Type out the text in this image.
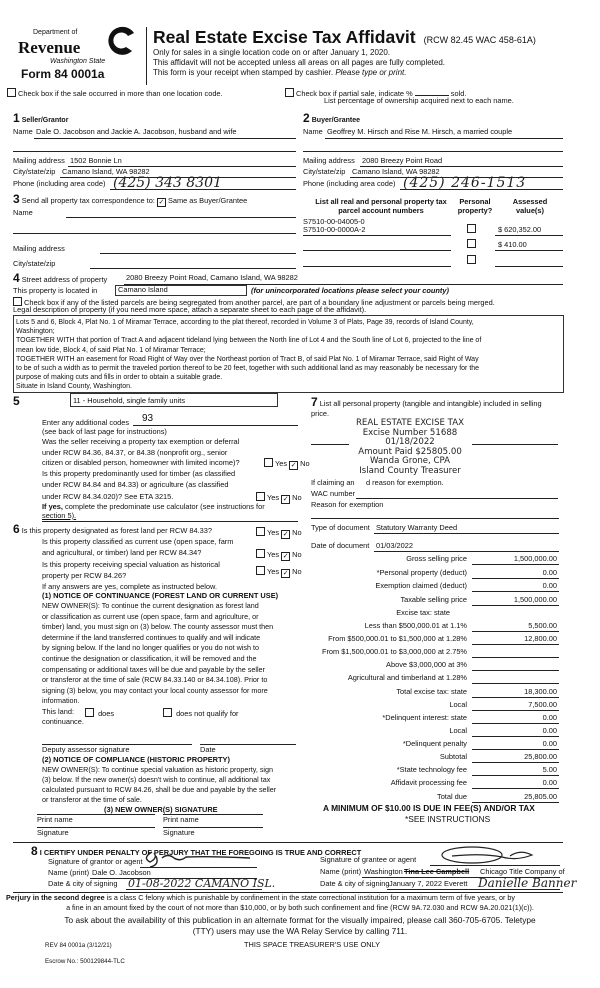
Department of
Revenue
Washington State
Form 84 0001a
Real Estate Excise Tax Affidavit (RCW 82.45 WAC 458-61A)
Only for sales in a single location code on or after January 1, 2020.
This affidavit will not be accepted unless all areas on all pages are fully completed.
This form is your receipt when stamped by cashier. Please type or print.
Check box if the sale occurred in more than one location code.	Check box if partial sale, indicate %	sold.
List percentage of ownership acquired next to each name.
1 Seller/Grantor
Name Dale O. Jacobson and Jackie A. Jacobson, husband and wife
Mailing address 1502 Bonnie Ln
City/state/zip Camano Island, WA 98282
Phone (including area code) (425) 343 8301
3 Send all property tax correspondence to: ✓ Same as Buyer/Grantee
Name
Mailing address
City/state/zip
2 Buyer/Grantee
Name Geoffrey M. Hirsch and Rise M. Hirsch, a married couple
Mailing address 2080 Breezy Point Road
City/state/zip Camano Island, WA 98282
Phone (including area code) (425) 246-1513
List all real and personal property tax
parcel account numbers
Personal
property?
Assessed
value(s)
S7510-00-04005-0
S7510-00-0000A-2	$ 620,352.00
$ 410.00
4 Street address of property	2080 Breezy Point Road, Camano Island, WA 98282
This property is located in	Camano Island	(for unincorporated locations please select your county)
Check box if any of the listed parcels are being segregated from another parcel, are part of a boundary line adjustment or parcels being merged.
Legal description of property (if you need more space, attach a separate sheet to each page of the affidavit).
Lots 5 and 6, Block 4, Plat No. 1 of Miramar Terrace, according to the plat thereof, recorded in Volume 3 of Plats, Page 39, records of Island County,
Washington;
TOGETHER WITH that portion of Tract A and adjacent tideland lying between the North line of Lot 4 and the South line of Lot 6, projected to the line of
mean low tide, Block 4, of said Plat No. 1 of Miramar Terrace;
TOGETHER WITH an easement for Road Right of Way over the Northeast portion of Tract B, of said Plat No. 1 of Miramar Terrace, said Right of Way
to be of such a width as to permit the traveled portion thereof to be 20 feet, together with such additional land as may reasonably be necessary for the
purpose of making cuts and fills in order to obtain a suitable grade.
Situate in Island County, Washington.
5	11 - Household, single family units
Enter any additional codes 93
(see back of last page for instructions)
Was the seller receiving a property tax exemption or deferral
under RCW 84.36, 84.37, or 84.38 (nonprofit org., senior
citizen or disabled person, homeowner with limited income)?	Yes ✓ No
Is this property predominantly used for timber (as classified
under RCW 84.84 and 84.33) or agriculture (as classified
under RCW 84.34.020)? See ETA 3215.	Yes ✓ No
If yes, complete the predominate use calculator (see instructions for
section 5).
6 Is this property designated as forest land per RCW 84.33?	Yes ✓ No
Is this property classified as current use (open space, farm
and agricultural, or timber) land per RCW 84.34?	Yes ✓ No
Is this property receiving special valuation as historical
property per RCW 84.26?	Yes ✓ No
If any answers are yes, complete as instructed below.
(1) NOTICE OF CONTINUANCE (FOREST LAND OR CURRENT USE)
NEW OWNER(S): To continue the current designation as forest land
or classification as current use (open space, farm and agriculture, or
timber) land, you must sign on (3) below. The county assessor must then
determine if the land transferred continues to qualify and will indicate
by signing below. If the land no longer qualifies or you do not wish to
continue the designation or classification, it will be removed and the
compensating or additional taxes will be due and payable by the seller
or transferor at the time of sale (RCW 84.33.140 or 84.34.108). Prior to
signing (3) below, you may contact your local county assessor for more
information.
This land:	does	does not qualify for
continuance.
Deputy assessor signature	Date
(2) NOTICE OF COMPLIANCE (HISTORIC PROPERTY)
NEW OWNER(S): To continue special valuation as historic property, sign
(3) below. If the new owner(s) doesn't wish to continue, all additional tax
calculated pursuant to RCW 84.26, shall be due and payable by the seller
or transferor at the time of sale.
(3) NEW OWNER(S) SIGNATURE
Signature	Signature
7 List all personal property (tangible and intangible) included in selling
price.
REAL ESTATE EXCISE TAX
Excise Number 51688
01/18/2022
Amount Paid $25805.00
Wanda Grone, CPA
Island County Treasurer
If claiming an d reason for exemption.
WAC number
Reason for exemption
Type of document Statutory Warranty Deed
Date of document 01/03/2022
Gross selling price	1,500,000.00
*Personal property (deduct)	0.00
Exemption claimed (deduct)	0.00
Taxable selling price	1,500,000.00
Excise tax: state
Less than $500,000.01 at 1.1%	5,500.00
From $500,000.01 to $1,500,000 at 1.28%	12,800.00
From $1,500,000.01 to $3,000,000 at 2.75%
Above $3,000,000 at 3%
Agricultural and timberland at 1.28%
Total excise tax: state	18,300.00
Local	7,500.00
*Delinquent interest: state	0.00
Local	0.00
*Delinquent penalty	0.00
Subtotal	25,800.00
*State technology fee	5.00
Affidavit processing fee	0.00
Total due	25,805.00
A MINIMUM OF $10.00 IS DUE IN FEE(S) AND/OR TAX
*SEE INSTRUCTIONS
8 I CERTIFY UNDER PENALTY OF PERJURY THAT THE FOREGOING IS TRUE AND CORRECT
Signature of grantor or agent
Name (print) Dale O. Jacobson
Date & city of signing 01-08-2022 CAMANO ISL.
Signature of grantee or agent
Name (print) Washington Tina Lee Campbell Chicago Title Company of
Date & city of signing January 7, 2022 Everett Danielle Banner
Perjury in the second degree is a class C felony which is punishable by confinement in the state correctional institution for a maximum term of five years, or by
a fine in an amount fixed by the court of not more than $10,000, or by both such confinement and fine (RCW 9A.72.030 and RCW 9A.20.021(1)(c)).
To ask about the availability of this publication in an alternate format for the visually impaired, please call 360-705-6705. Teletype
(TTY) users may use the WA Relay Service by calling 711.
REV 84 0001a (3/12/21)	THIS SPACE TREASURER'S USE ONLY
Escrow No.: 500129844-TLC
Print name	Print name
